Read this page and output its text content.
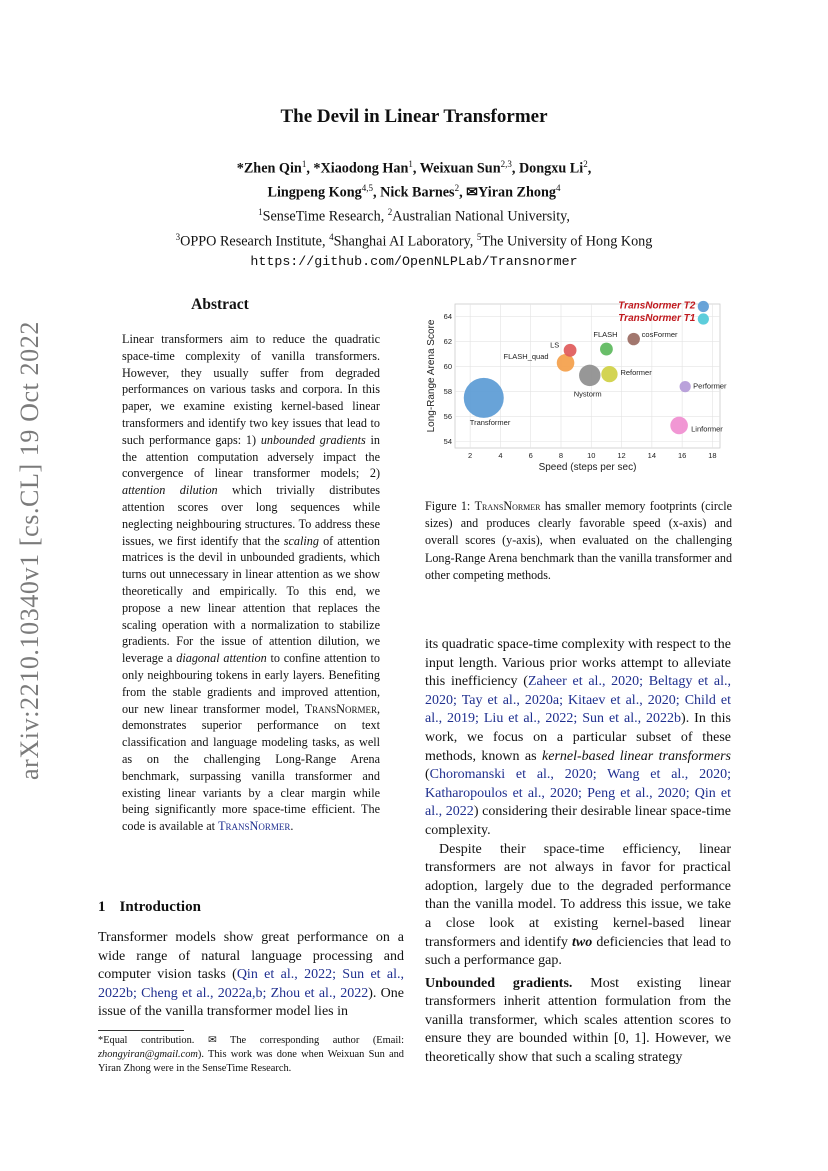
The Devil in Linear Transformer
*Zhen Qin$^1$, *Xiaodong Han$^1$, Weixuan Sun$^{2,3}$, Dongxu Li$^2$,
Lingpeng Kong$^{4,5}$, Nick Barnes$^2$, ✉Yiran Zhong$^4$
$^1$SenseTime Research, $^2$Australian National University,
$^3$OPPO Research Institute, $^4$Shanghai AI Laboratory, $^5$The University of Hong Kong
https://github.com/OpenNLPLab/Transnormer
arXiv:2210.10340v1 [cs.CL] 19 Oct 2022
Abstract
Linear transformers aim to reduce the quadratic space-time complexity of vanilla transformers. However, they usually suffer from degraded performances on various tasks and corpora. In this paper, we examine existing kernel-based linear transformers and identify two key issues that lead to such performance gaps: 1) unbounded gradients in the attention computation adversely impact the convergence of linear transformer models; 2) attention dilution which trivially distributes attention scores over long sequences while neglecting neighbouring structures. To address these issues, we first identify that the scaling of attention matrices is the devil in unbounded gradients, which turns out unnecessary in linear attention as we show theoretically and empirically. To this end, we propose a new linear attention that replaces the scaling operation with a normalization to stabilize gradients. For the issue of attention dilution, we leverage a diagonal attention to confine attention to only neighbouring tokens in early layers. Benefiting from the stable gradients and improved attention, our new linear transformer model, TransNormer, demonstrates superior performance on text classification and language modeling tasks, as well as on the challenging Long-Range Arena benchmark, surpassing vanilla transformer and existing linear variants by a clear margin while being significantly more space-time efficient. The code is available at TransNormer.
1 Introduction
Transformer models show great performance on a wide range of natural language processing and computer vision tasks (Qin et al., 2022; Sun et al., 2022b; Cheng et al., 2022a,b; Zhou et al., 2022). One issue of the vanilla transformer model lies in
*Equal contribution. ✉ The corresponding author (Email: zhongyiran@gmail.com). This work was done when Weixuan Sun and Yiran Zhong were in the SenseTime Research.
2	4	6	8	10	12	14	16	18
54
56
58
60
62
64
Speed (steps per sec)
Long-Range Arena Score	Transformer
FLASH_quad
LS
FLASH	cosFormer
Nystorm
Reformer
Performer
Linformer
TransNormer T2
TransNormer T1
Figure 1: TransNormer has smaller memory footprints (circle sizes) and produces clearly favorable speed (x-axis) and overall scores (y-axis), when evaluated on the challenging Long-Range Arena benchmark than the vanilla transformer and other competing methods.

its quadratic space-time complexity with respect to the input length. Various prior works attempt to alleviate this inefficiency (Zaheer et al., 2020; Beltagy et al., 2020; Tay et al., 2020a; Kitaev et al., 2020; Child et al., 2019; Liu et al., 2022; Sun et al., 2022b). In this work, we focus on a particular subset of these methods, known as kernel-based linear transformers (Choromanski et al., 2020; Wang et al., 2020; Katharopoulos et al., 2020; Peng et al., 2020; Qin et al., 2022) considering their desirable linear space-time complexity.

Despite their space-time efficiency, linear transformers are not always in favor for practical adoption, largely due to the degraded performance than the vanilla model. To address this issue, we take a close look at existing kernel-based linear transformers and identify two deficiencies that lead to such a performance gap.

Unbounded gradients. Most existing linear transformers inherit attention formulation from the vanilla transformer, which scales attention scores to ensure they are bounded within [0, 1]. However, we theoretically show that such a scaling strategy
